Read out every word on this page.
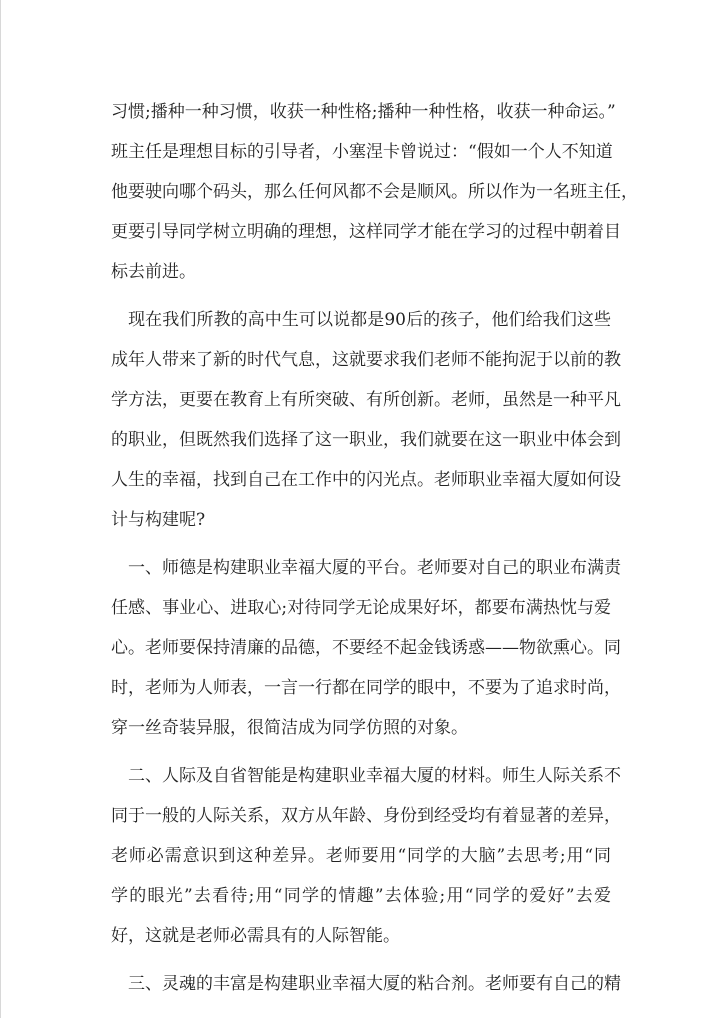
习惯;播种一种习惯，收获一种性格;播种一种性格，收获一种命运。”
班主任是理想目标的引导者，小塞涅卡曾说过：“假如一个人不知道
他要驶向哪个码头，那么任何风都不会是顺风。所以作为一名班主任，
更要引导同学树立明确的理想，这样同学才能在学习的过程中朝着目
标去前进。
　现在我们所教的高中生可以说都是90后的孩子，他们给我们这些
成年人带来了新的时代气息，这就要求我们老师不能拘泥于以前的教
学方法，更要在教育上有所突破、有所创新。老师，虽然是一种平凡
的职业，但既然我们选择了这一职业，我们就要在这一职业中体会到
人生的幸福，找到自己在工作中的闪光点。老师职业幸福大厦如何设
计与构建呢?
　一、师德是构建职业幸福大厦的平台。老师要对自己的职业布满责
任感、事业心、进取心;对待同学无论成果好坏，都要布满热忱与爱
心。老师要保持清廉的品德，不要经不起金钱诱惑——物欲熏心。同
时，老师为人师表，一言一行都在同学的眼中，不要为了追求时尚，
穿一丝奇装异服，很简洁成为同学仿照的对象。
　二、人际及自省智能是构建职业幸福大厦的材料。师生人际关系不
同于一般的人际关系，双方从年龄、身份到经受均有着显著的差异，
老师必需意识到这种差异。老师要用“同学的大脑”去思考;用“同
学的眼光”去看待;用“同学的情趣”去体验;用“同学的爱好”去爱
好，这就是老师必需具有的人际智能。
　三、灵魂的丰富是构建职业幸福大厦的粘合剂。老师要有自己的精
